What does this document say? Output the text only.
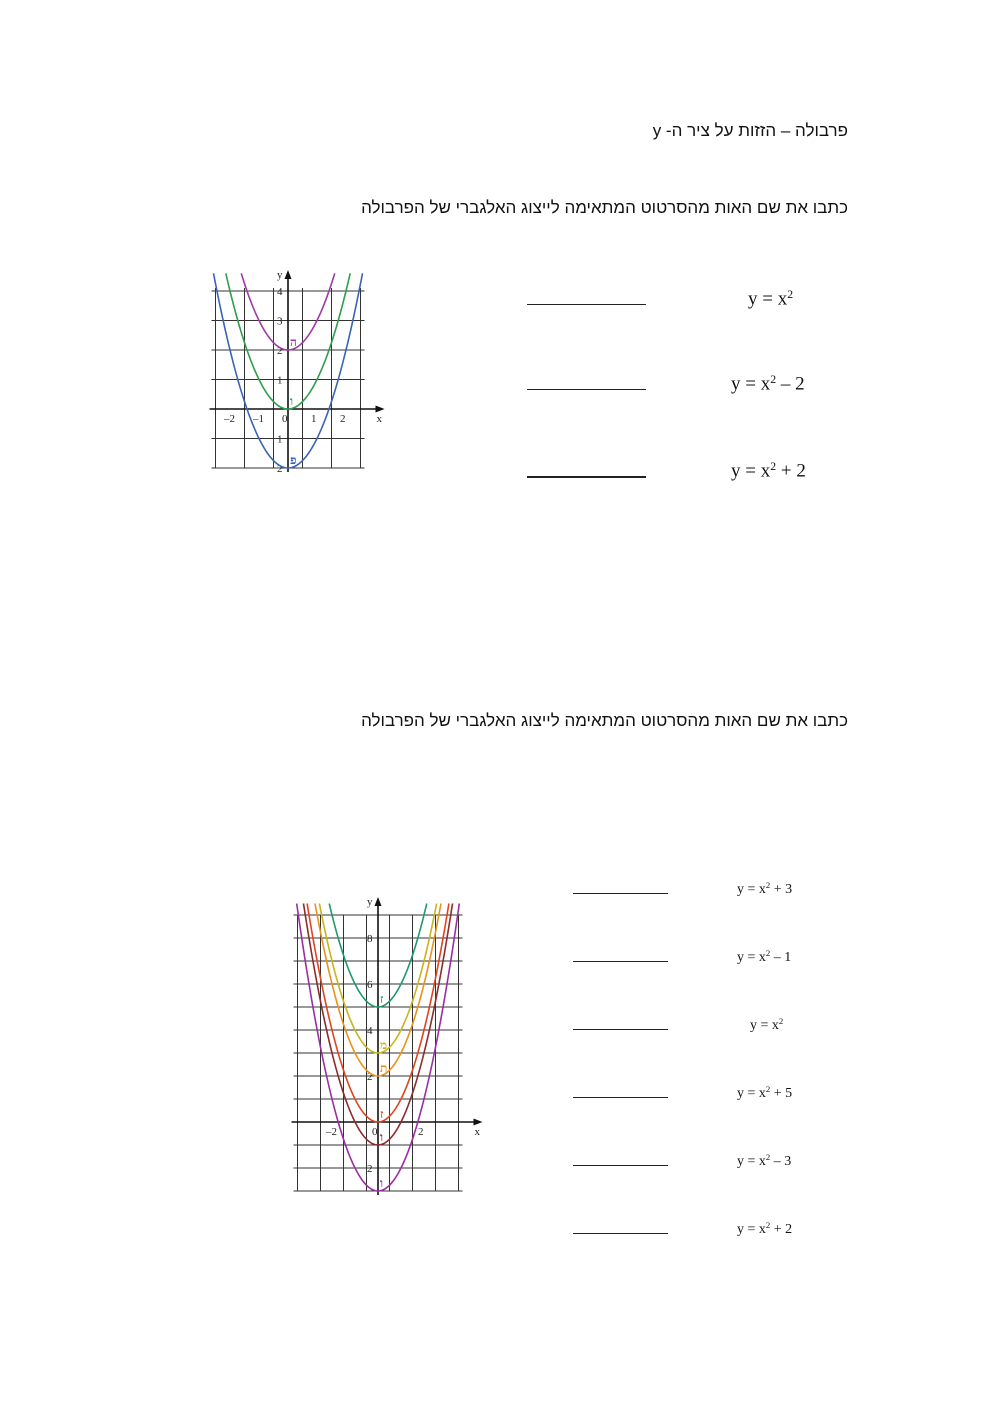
פרבולה – הזזות על ציר ה- y
כתבו את שם האות מהסרטוט המתאימה לייצוג האלגברי של הפרבולה
כתבו את שם האות מהסרטוט המתאימה לייצוג האלגברי של הפרבולה
x
y
–2 –1 0 1 2
1
2
3
4
1
2
ה
ו
פ
$y = x^2$
$y = x^2 - 2$
$y = x^2 + 2$
x
y
–2	0	2
2
4
6
8
2
ז
מ
ת
ז
ו
ו
$y = x^2 + 3$
$y = x^2 - 1$
$y = x^2$
$y = x^2 + 5$
$y = x^2 - 3$
$y = x^2 + 2$
